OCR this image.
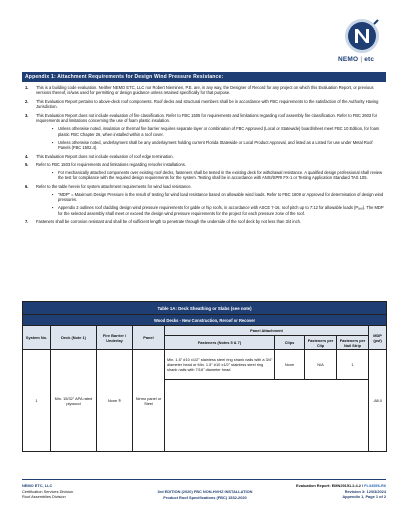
NEMO | etc
Appendix 1: Attachment Requirements for Design Wind Pressure Resistance:
1. This is a building code evaluation. Neither NEMO ETC, LLC nor Robert Nieminen, P.E. are, in any way, the Designer of Record for any project on which this Evaluation Report, or previous versions thereof, is/was used for permitting or design guidance unless retained specifically for that purpose.
2. This Evaluation Report pertains to above-deck roof components. Roof decks and structural members shall be in accordance with FBC requirements to the satisfaction of the Authority Having Jurisdiction.
3. This Evaluation Report does not include evaluation of fire classification. Refer to FBC 1505 for requirements and limitations regarding roof assembly fire classification. Refer to FBC 2603 for requirements and limitations concerning the use of foam plastic insulation.
▪ Unless otherwise noted, insulation or thermal fire barrier requires separate layer or combination of FBC Approved (Local or Statewide) board/sheet meet FBC 10 Edition, for foam plastic FBC Chapter 26, when installed within a roof cover.
▪ Unless otherwise noted, underlayment shall be any underlayment holding current Florida Statewide or Local Product Approval, and listed as a Listed for use under Metal Roof Panels (FBC 1502.4).
4. This Evaluation Report does not include evaluation of roof edge termination.
5. Refer to FBC 1503 for requirements and limitations regarding reroofer installations.
▪ For mechanically attached components over existing roof decks, fasteners shall be tested in the existing deck for withdrawal resistance. A qualified design professional shall review the test for compliance with the required design requirements for the system. Testing shall be in accordance with ANSI/SPRI FX-1 or Testing Application Standard TAS 105.
6. Refer to the table herein for system attachment requirements for wind load resistance.
▪ "MDP" = Maximum Design Pressure is the result of testing for wind load resistance based on allowable wind loads. Refer to FBC 1609 or Approved for determination of design wind pressures.
▪ Appendix 2 outlines roof cladding design wind pressure requirements for gable or hip roofs, in accordance with ASCE 7-16, roof pitch up to 7:12 for allowable loads (Pₐₛₑ). The MDP for the selected assembly shall meet or exceed the design wind pressure requirements for the project for each pressure zone of the roof.
7. Fasteners shall be corrosion resistant and shall be of sufficient length to penetrate through the underside of the roof deck by not less than 3/4 inch.
Table 1A: Deck Sheathing or Slabs (see note)								
Wood Decks - New Construction, Reroof or Recover								
System No.	Deck (Note 1)	Fire Barrier / Underlay	Panel	Panel Attachment				MDP (psf)
				Fasteners (Notes 5 & 7)	Clips	Fasteners per Clip	Fasteners per Nail Strip	
1	Min. 15/32" APA rated plywood	None ®	Nemo panel or Steel	Min. 1.5" #10 x1/2" stainless steel ring shank nails with a 3/4" diameter head or Min. 1.5" #10 x1/2" stainless steel ring shank nails with 7/16" diameter head	None	N/A	1	-88.0

NEMO ETC, LLC
Certification Services Division
Roof Assemblies Division
3rd EDITION (2020) FBC NON-HVHZ INSTALLATION
Product Roof Specifications (FBC) 1532-2020
Evaluation Report: EMN29151.2.4.2 / FL34556-R6
Revision 3: 12/03/2024
Appendix 1, Page 1 of 2
